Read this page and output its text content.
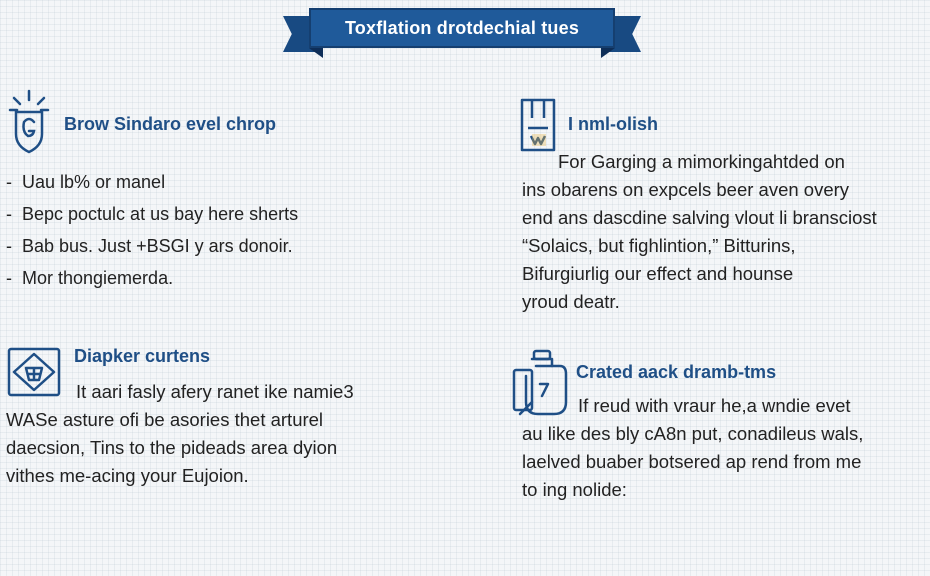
Toxflation drotdechial tues
Brow Sindaro evel chrop
- Uau lb% or manel
- Bepc poctulc at us bay here sherts
- Bab bus. Just +BSGI y ars donoir.
- Mor thongiemerda.
I nml-olish
For Garging a mimorkingahtded on
ins obarens on expcels beer aven overy
end ans dascdine salving vlout li bransciost
“Solaics, but fighlintion,” Bitturins,
Bifurgiurlig our effect and hounse
yroud deatr.
Diapker curtens
It aari fasly afery ranet ike namie3
WASe asture ofi be asories thet arturel
daecsion, Tins to the pideads area dyion
vithes me-acing your Eujoion.
Crated aack dramb-tms
If reud with vraur he,a wndie evet
au like des bly cA8n put, conadileus wals,
laelved buaber botsered ap rend from me
to ing nolide:
